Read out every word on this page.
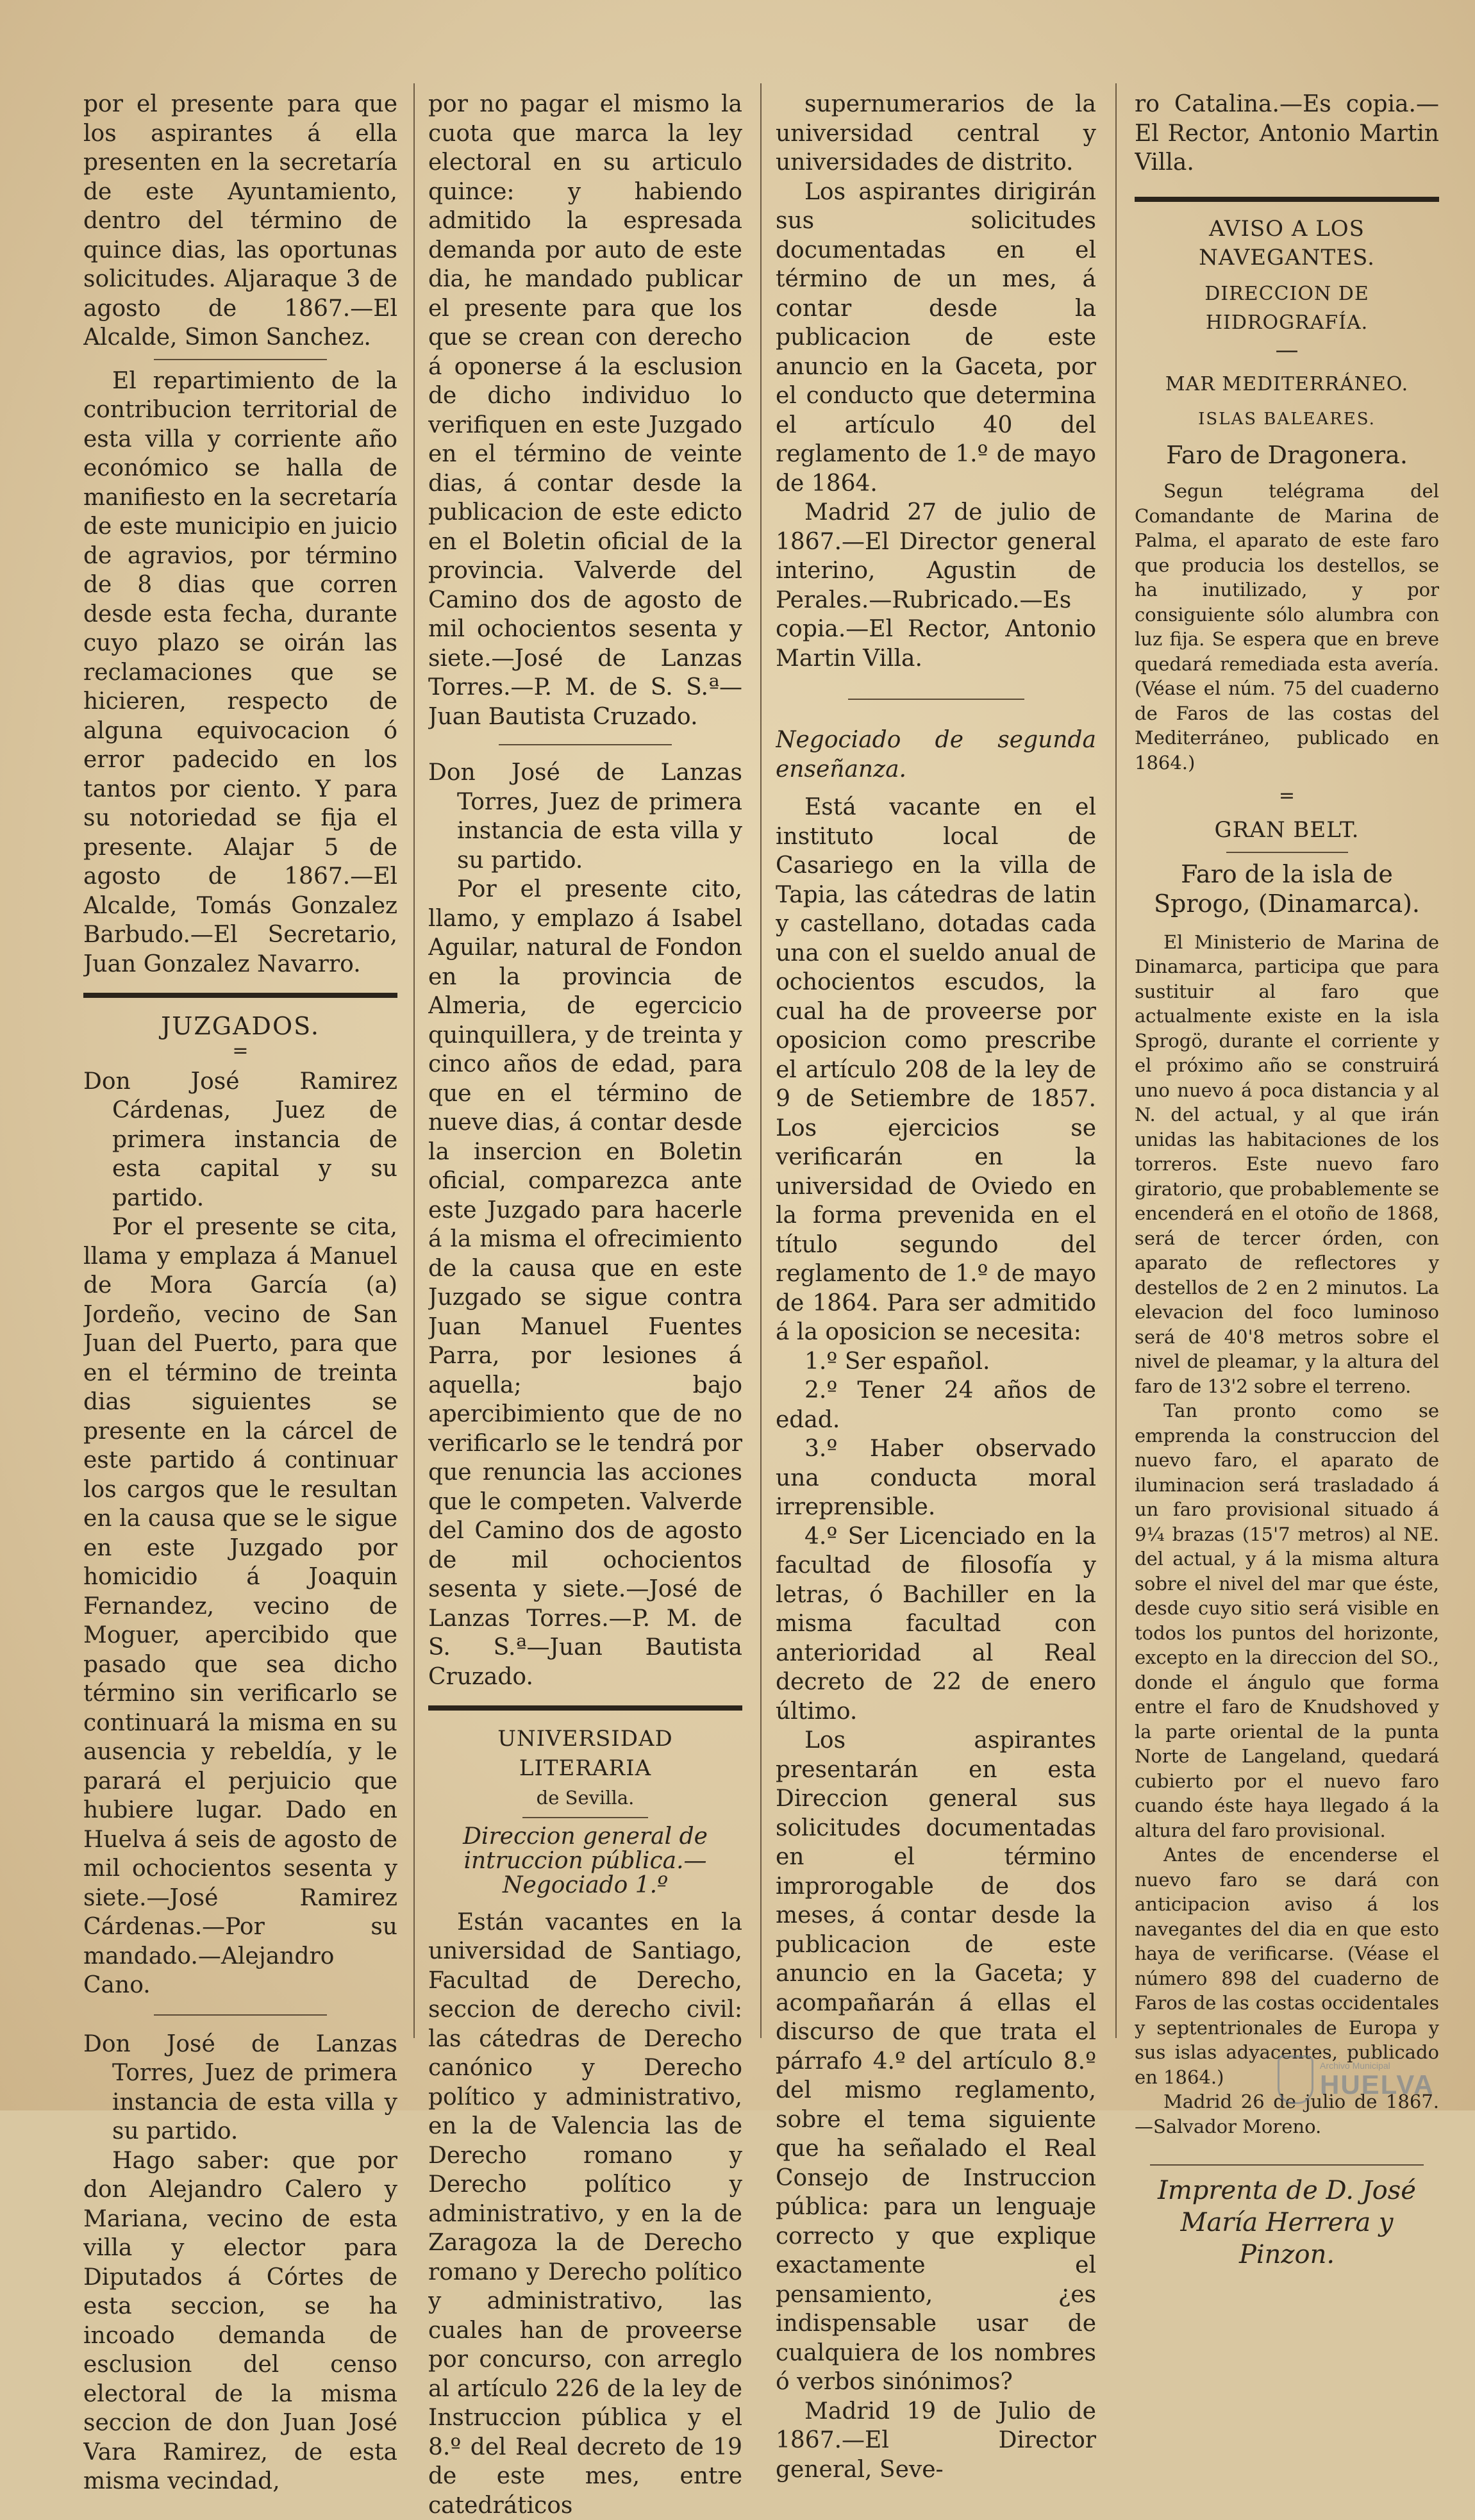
por el presente para que los aspirantes á ella presenten en la secretaría de este Ayuntamiento, dentro del término de quince dias, las oportunas solicitudes. Aljaraque 3 de agosto de 1867.—El Alcalde, Simon Sanchez.

El repartimiento de la contribucion territorial de esta villa y corriente año económico se halla de manifiesto en la secretaría de este municipio en juicio de agravios, por término de 8 dias que corren desde esta fecha, durante cuyo plazo se oirán las reclamaciones que se hicieren, respecto de alguna equivocacion ó error padecido en los tantos por ciento. Y para su notoriedad se fija el presente. Alajar 5 de agosto de 1867.—El Alcalde, Tomás Gonzalez Barbudo.—El Secretario, Juan Gonzalez Navarro.

JUZGADOS.

=

Don José Ramirez Cárdenas, Juez de primera instancia de esta capital y su partido.

Por el presente se cita, llama y emplaza á Manuel de Mora García (a) Jordeño, vecino de San Juan del Puerto, para que en el término de treinta dias siguientes se presente en la cárcel de este partido á continuar los cargos que le resultan en la causa que se le sigue en este Juzgado por homicidio á Joaquin Fernandez, vecino de Moguer, apercibido que pasado que sea dicho término sin verificarlo se continuará la misma en su ausencia y rebeldía, y le parará el perjuicio que hubiere lugar. Dado en Huelva á seis de agosto de mil ochocientos sesenta y siete.—José Ramirez Cárdenas.—Por su mandado.—Alejandro Cano.

Don José de Lanzas Torres, Juez de primera instancia de esta villa y su partido.

Hago saber: que por don Alejandro Calero y Mariana, vecino de esta villa y elector para Diputados á Córtes de esta seccion, se ha incoado demanda de esclusion del censo electoral de la misma seccion de don Juan José Vara Ramirez, de esta misma vecindad,

por no pagar el mismo la cuota que marca la ley electoral en su articulo quince: y habiendo admitido la espresada demanda por auto de este dia, he mandado publicar el presente para que los que se crean con derecho á oponerse á la esclusion de dicho individuo lo verifiquen en este Juzgado en el término de veinte dias, á contar desde la publicacion de este edicto en el Boletin oficial de la provincia. Valverde del Camino dos de agosto de mil ochocientos sesenta y siete.—José de Lanzas Torres.—P. M. de S. S.ª—Juan Bautista Cruzado.

Don José de Lanzas Torres, Juez de primera instancia de esta villa y su partido.

Por el presente cito, llamo, y emplazo á Isabel Aguilar, natural de Fondon en la provincia de Almeria, de egercicio quinquillera, y de treinta y cinco años de edad, para que en el término de nueve dias, á contar desde la insercion en Boletin oficial, comparezca ante este Juzgado para hacerle á la misma el ofrecimiento de la causa que en este Juzgado se sigue contra Juan Manuel Fuentes Parra, por lesiones á aquella; bajo apercibimiento que de no verificarlo se le tendrá por que renuncia las acciones que le competen. Valverde del Camino dos de agosto de mil ochocientos sesenta y siete.—José de Lanzas Torres.—P. M. de S. S.ª—Juan Bautista Cruzado.

UNIVERSIDAD LITERARIA

de Sevilla.

Direccion general de intruccion pública.—Negociado 1.º

Están vacantes en la universidad de Santiago, Facultad de Derecho, seccion de derecho civil: las cátedras de Derecho canónico y Derecho político y administrativo, en la de Valencia las de Derecho romano y Derecho político y administrativo, y en la de Zaragoza la de Derecho romano y Derecho político y administrativo, las cuales han de proveerse por concurso, con arreglo al artículo 226 de la ley de Instruccion pública y el 8.º del Real decreto de 19 de este mes, entre catedráticos

supernumerarios de la universidad central y universidades de distrito.

Los aspirantes dirigirán sus solicitudes documentadas en el término de un mes, á contar desde la publicacion de este anuncio en la Gaceta, por el conducto que determina el artículo 40 del reglamento de 1.º de mayo de 1864.

Madrid 27 de julio de 1867.—El Director general interino, Agustin de Perales.—Rubricado.—Es copia.—El Rector, Antonio Martin Villa.

Negociado de segunda enseñanza.

Está vacante en el instituto local de Casariego en la villa de Tapia, las cátedras de latin y castellano, dotadas cada una con el sueldo anual de ochocientos escudos, la cual ha de proveerse por oposicion como prescribe el artículo 208 de la ley de 9 de Setiembre de 1857. Los ejercicios se verificarán en la universidad de Oviedo en la forma prevenida en el título segundo del reglamento de 1.º de mayo de 1864. Para ser admitido á la oposicion se necesita:

1.º Ser español.

2.º Tener 24 años de edad.

3.º Haber observado una conducta moral irreprensible.

4.º Ser Licenciado en la facultad de filosofía y letras, ó Bachiller en la misma facultad con anterioridad al Real decreto de 22 de enero último.

Los aspirantes presentarán en esta Direccion general sus solicitudes documentadas en el término improrogable de dos meses, á contar desde la publicacion de este anuncio en la Gaceta; y acompañarán á ellas el discurso de que trata el párrafo 4.º del artículo 8.º del mismo reglamento, sobre el tema siguiente que ha señalado el Real Consejo de Instruccion pública: para un lenguaje correcto y que explique exactamente el pensamiento, ¿es indispensable usar de cualquiera de los nombres ó verbos sinónimos?

Madrid 19 de Julio de 1867.—El Director general, Seve-

ro Catalina.—Es copia.—El Rector, Antonio Martin Villa.

AVISO A LOS NAVEGANTES.

DIRECCION DE HIDROGRAFÍA.

—

MAR MEDITERRÁNEO.

ISLAS BALEARES.

Faro de Dragonera.

Segun telégrama del Comandante de Marina de Palma, el aparato de este faro que producia los destellos, se ha inutilizado, y por consiguiente sólo alumbra con luz fija. Se espera que en breve quedará remediada esta avería. (Véase el núm. 75 del cuaderno de Faros de las costas del Mediterráneo, publicado en 1864.)

=

GRAN BELT.

Faro de la isla de Sprogo, (Dinamarca).

El Ministerio de Marina de Dinamarca, participa que para sustituir al faro que actualmente existe en la isla Sprogö, durante el corriente y el próximo año se construirá uno nuevo á poca distancia y al N. del actual, y al que irán unidas las habitaciones de los torreros. Este nuevo faro giratorio, que probablemente se encenderá en el otoño de 1868, será de tercer órden, con aparato de reflectores y destellos de 2 en 2 minutos. La elevacion del foco luminoso será de 40'8 metros sobre el nivel de pleamar, y la altura del faro de 13'2 sobre el terreno.

Tan pronto como se emprenda la construccion del nuevo faro, el aparato de iluminacion será trasladado á un faro provisional situado á 9¼ brazas (15'7 metros) al NE. del actual, y á la misma altura sobre el nivel del mar que éste, desde cuyo sitio será visible en todos los puntos del horizonte, excepto en la direccion del SO., donde el ángulo que forma entre el faro de Knudshoved y la parte oriental de la punta Norte de Langeland, quedará cubierto por el nuevo faro cuando éste haya llegado á la altura del faro provisional.

Antes de encenderse el nuevo faro se dará con anticipacion aviso á los navegantes del dia en que esto haya de verificarse. (Véase el número 898 del cuaderno de Faros de las costas occidentales y septentrionales de Europa y sus islas adyacentes, publicado en 1864.)

Madrid 26 de julio de 1867.—Salvador Moreno.

Imprenta de D. José María Herrera y Pinzon.

Archivo Municipal
HUELVA
